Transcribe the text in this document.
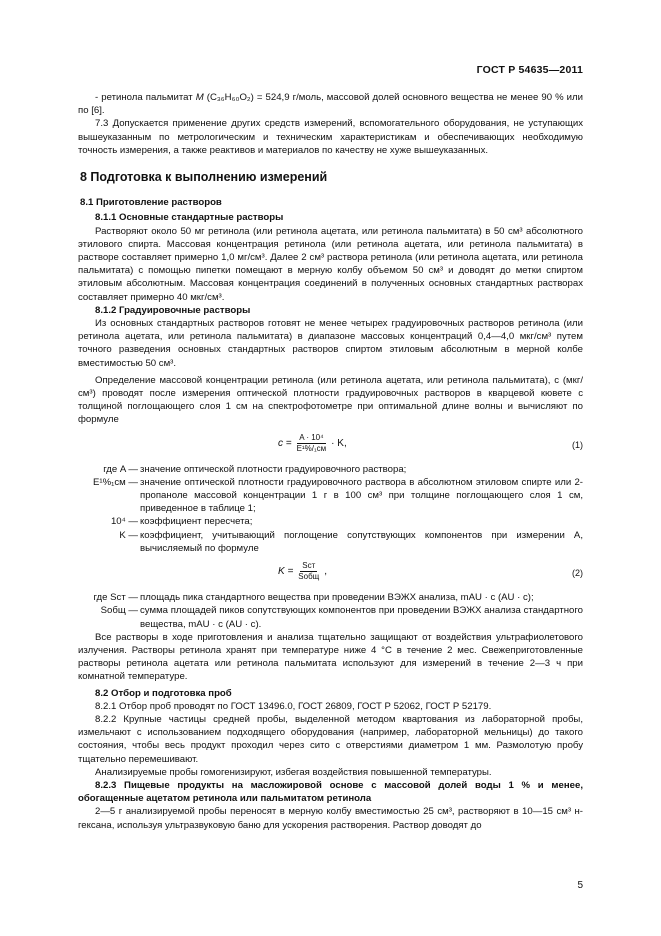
ГОСТ Р 54635—2011

- ретинола пальмитат M (C₃₆H₆₀O₂) = 524,9 г/моль, массовой долей основного вещества не менее 90 % или по [6].

7.3 Допускается применение других средств измерений, вспомогательного оборудования, не уступающих вышеуказанным по метрологическим и техническим характеристикам и обеспечивающих необходимую точность измерения, а также реактивов и материалов по качеству не хуже вышеуказанных.

8 Подготовка к выполнению измерений
8.1 Приготовление растворов
8.1.1 Основные стандартные растворы

Растворяют около 50 мг ретинола (или ретинола ацетата, или ретинола пальмитата) в 50 см³ абсолютного этилового спирта. Массовая концентрация ретинола (или ретинола ацетата, или ретинола пальмитата) в растворе составляет примерно 1,0 мг/см³. Далее 2 см³ раствора ретинола (или ретинола ацетата, или ретинола пальмитата) с помощью пипетки помещают в мерную колбу объемом 50 см³ и доводят до метки спиртом этиловым абсолютным. Массовая концентрация соединений в полученных основных стандартных растворах составляет примерно 40 мкг/см³.

8.1.2 Градуировочные растворы

Из основных стандартных растворов готовят не менее четырех градуировочных растворов ретинола (или ретинола ацетата, или ретинола пальмитата) в диапазоне массовых концентраций 0,4—4,0 мкг/см³ путем точного разведения основных стандартных растворов спиртом этиловым абсолютным в мерной колбе вместимостью 50 см³.

Определение массовой концентрации ретинола (или ретинола ацетата, или ретинола пальмитата), c (мкг/см³) проводят после измерения оптической плотности градуировочных растворов в кварцевой кювете с толщиной поглощающего слоя 1 см на спектрофотометре при оптимальной длине волны и вычисляют по формуле

$c = \frac{\text{A · 10⁴}}{\text{E¹\%/₁см}} \cdot K$,	(1)
где A — значение оптической плотности градуировочного раствора;
E¹%₁см — значение оптической плотности градуировочного раствора в абсолютном этиловом спирте или 2-пропаноле массовой концентрации 1 г в 100 см³ при толщине поглощающего слоя 1 см, приведенное в таблице 1;
10⁴ — коэффициент пересчета;
K — коэффициент, учитывающий поглощение сопутствующих компонентов при измерении A, вычисляемый по формуле
$K = \frac{\text{Sст}}{\text{Sобщ}}$ ,	(2)
где Sст — площадь пика стандартного вещества при проведении ВЭЖХ анализа, mAU · c (AU · c);
Sобщ — сумма площадей пиков сопутствующих компонентов при проведении ВЭЖХ анализа стандартного вещества, mAU · c (AU · c).

Все растворы в ходе приготовления и анализа тщательно защищают от воздействия ультрафиолетового излучения. Растворы ретинола хранят при температуре ниже 4 °С в течение 2 мес. Свежеприготовленные растворы ретинола ацетата или ретинола пальмитата используют для измерений в течение 2—3 ч при комнатной температуре.

8.2 Отбор и подготовка проб

8.2.1 Отбор проб проводят по ГОСТ 13496.0, ГОСТ 26809, ГОСТ Р 52062, ГОСТ Р 52179.

8.2.2 Крупные частицы средней пробы, выделенной методом квартования из лабораторной пробы, измельчают с использованием подходящего оборудования (например, лабораторной мельницы) до такого состояния, чтобы весь продукт проходил через сито с отверстиями диаметром 1 мм. Размолотую пробу тщательно перемешивают.

Анализируемые пробы гомогенизируют, избегая воздействия повышенной температуры.

8.2.3 Пищевые продукты на масложировой основе с массовой долей воды 1 % и менее, обогащенные ацетатом ретинола или пальмитатом ретинола

2—5 г анализируемой пробы переносят в мерную колбу вместимостью 25 см³, растворяют в 10—15 см³ н-гексана, используя ультразвуковую баню для ускорения растворения. Раствор доводят до

5
